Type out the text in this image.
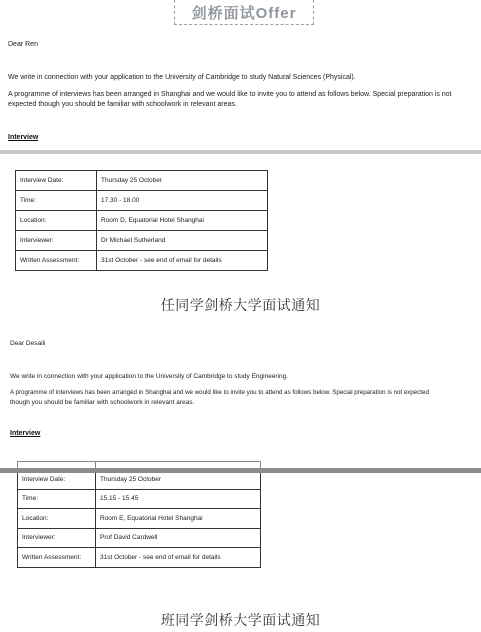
剑桥面试Offer
Dear Ren
We write in connection with your application to the University of Cambridge to study Natural Sciences (Physical).
A programme of interviews has been arranged in Shanghai and we would like to invite you to attend as follows below. Special preparation is not
expected though you should be familiar with schoolwork in relevant areas.
Interview
Interview Date:	Thursday 25 October
Time:	17.30 - 18.00
Location:	Room D, Equatorial Hotel Shanghai
Interviewer:	Dr Michael Sutherland
Written Assessment:	31st October - see end of email for details
任同学剑桥大学面试通知
Dear Desaili
We write in connection with your application to the University of Cambridge to study Engineering.
A programme of interviews has been arranged in Shanghai and we would like to invite you to attend as follows below. Special preparation is not expected
though you should be familiar with schoolwork in relevant areas.
Interview

Interview Date:	Thursday 25 October
Time:	15.15 - 15.45
Location:	Room E, Equatorial Hotel Shanghai
Interviewer:	Prof David Cardwell
Written Assessment:	31st October - see end of email for details
班同学剑桥大学面试通知
